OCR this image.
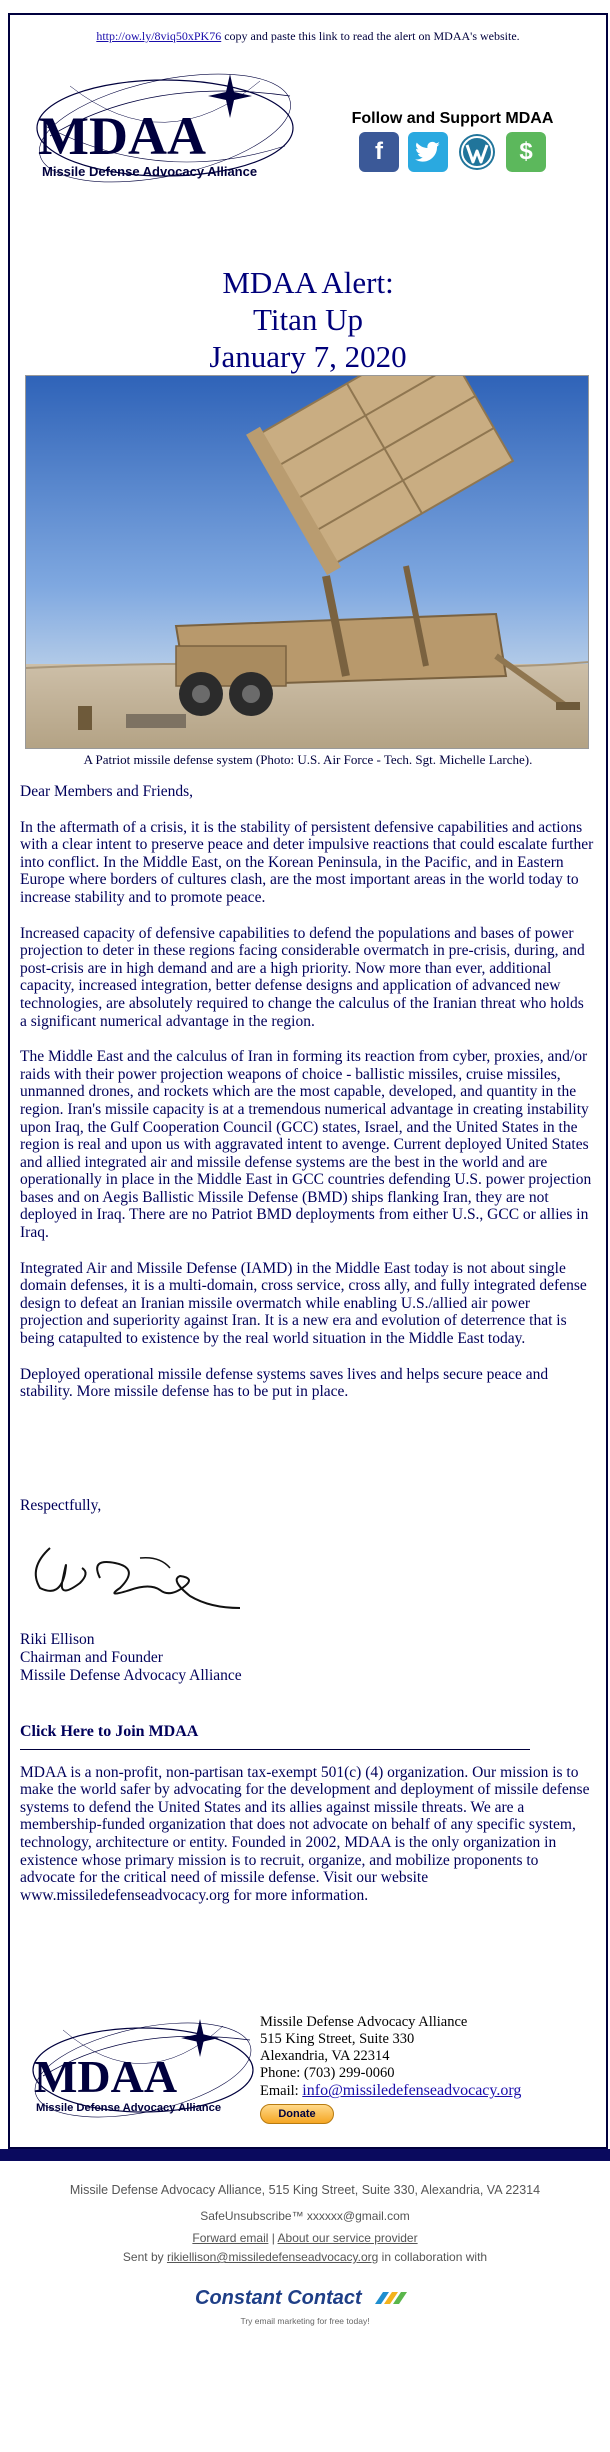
http://ow.ly/8viq50xPK76 copy and paste this link to read the alert on MDAA's website.
MDAA
Missile Defense Advocacy Alliance
Follow and Support MDAA
f	$
MDAA Alert:
Titan Up
January 7, 2020
A Patriot missile defense system (Photo: U.S. Air Force - Tech. Sgt. Michelle Larche).

Dear Members and Friends,

In the aftermath of a crisis, it is the stability of persistent defensive capabilities and actions with a clear intent to preserve peace and deter impulsive reactions that could escalate further into conflict. In the Middle East, on the Korean Peninsula, in the Pacific, and in Eastern Europe where borders of cultures clash, are the most important areas in the world today to increase stability and to promote peace.

Increased capacity of defensive capabilities to defend the populations and bases of power projection to deter in these regions facing considerable overmatch in pre-crisis, during, and post-crisis are in high demand and are a high priority. Now more than ever, additional capacity, increased integration, better defense designs and application of advanced new technologies, are absolutely required to change the calculus of the Iranian threat who holds a significant numerical advantage in the region.

The Middle East and the calculus of Iran in forming its reaction from cyber, proxies, and/or raids with their power projection weapons of choice - ballistic missiles, cruise missiles, unmanned drones, and rockets which are the most capable, developed, and quantity in the region. Iran's missile capacity is at a tremendous numerical advantage in creating instability upon Iraq, the Gulf Cooperation Council (GCC) states, Israel, and the United States in the region is real and upon us with aggravated intent to avenge. Current deployed United States and allied integrated air and missile defense systems are the best in the world and are operationally in place in the Middle East in GCC countries defending U.S. power projection bases and on Aegis Ballistic Missile Defense (BMD) ships flanking Iran, they are not deployed in Iraq. There are no Patriot BMD deployments from either U.S., GCC or allies in Iraq.

Integrated Air and Missile Defense (IAMD) in the Middle East today is not about single domain defenses, it is a multi-domain, cross service, cross ally, and fully integrated defense design to defeat an Iranian missile overmatch while enabling U.S./allied air power projection and superiority against Iran. It is a new era and evolution of deterrence that is being catapulted to existence by the real world situation in the Middle East today.

Deployed operational missile defense systems saves lives and helps secure peace and stability. More missile defense has to be put in place.

Respectfully,
Riki Ellison
Chairman and Founder
Missile Defense Advocacy Alliance
Click Here to Join MDAA
MDAA is a non-profit, non-partisan tax-exempt 501(c) (4) organization. Our mission is to make the world safer by advocating for the development and deployment of missile defense systems to defend the United States and its allies against missile threats. We are a membership-funded organization that does not advocate on behalf of any specific system, technology, architecture or entity. Founded in 2002, MDAA is the only organization in existence whose primary mission is to recruit, organize, and mobilize proponents to advocate for the critical need of missile defense. Visit our website www.missiledefenseadvocacy.org for more information.
MDAA
Missile Defense Advocacy Alliance
Missile Defense Advocacy Alliance
515 King Street, Suite 330
Alexandria, VA 22314
Phone: (703) 299-0060
Email: info@missiledefenseadvocacy.org
Donate
Missile Defense Advocacy Alliance, 515 King Street, Suite 330, Alexandria, VA 22314
SafeUnsubscribe™ xxxxxx@gmail.com
Forward email | About our service provider
Sent by rikiellison@missiledefenseadvocacy.org in collaboration with
Constant Contact
Try email marketing for free today!
